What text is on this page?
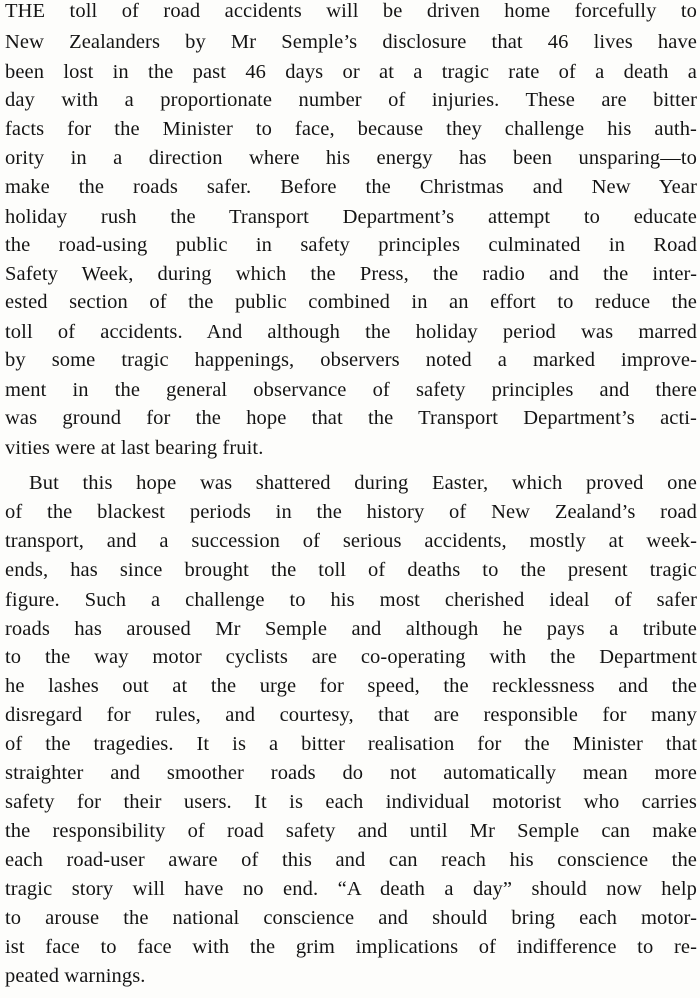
THE toll of road accidents will be driven home forcefully to
New Zealanders by Mr Semple’s disclosure that 46 lives have
been lost in the past 46 days or at a tragic rate of a death a
day with a proportionate number of injuries. These are bitter
facts for the Minister to face, because they challenge his auth-
ority in a direction where his energy has been unsparing—to
make the roads safer. Before the Christmas and New Year
holiday rush the Transport Department’s attempt to educate
the road-using public in safety principles culminated in Road
Safety Week, during which the Press, the radio and the inter-
ested section of the public combined in an effort to reduce the
toll of accidents. And although the holiday period was marred
by some tragic happenings, observers noted a marked improve-
ment in the general observance of safety principles and there
was ground for the hope that the Transport Department’s acti-
vities were at last bearing fruit.
But this hope was shattered during Easter, which proved one
of the blackest periods in the history of New Zealand’s road
transport, and a succession of serious accidents, mostly at week-
ends, has since brought the toll of deaths to the present tragic
figure. Such a challenge to his most cherished ideal of safer
roads has aroused Mr Semple and although he pays a tribute
to the way motor cyclists are co-operating with the Department
he lashes out at the urge for speed, the recklessness and the
disregard for rules, and courtesy, that are responsible for many
of the tragedies. It is a bitter realisation for the Minister that
straighter and smoother roads do not automatically mean more
safety for their users. It is each individual motorist who carries
the responsibility of road safety and until Mr Semple can make
each road-user aware of this and can reach his conscience the
tragic story will have no end. “A death a day” should now help
to arouse the national conscience and should bring each motor-
ist face to face with the grim implications of indifference to re-
peated warnings.
